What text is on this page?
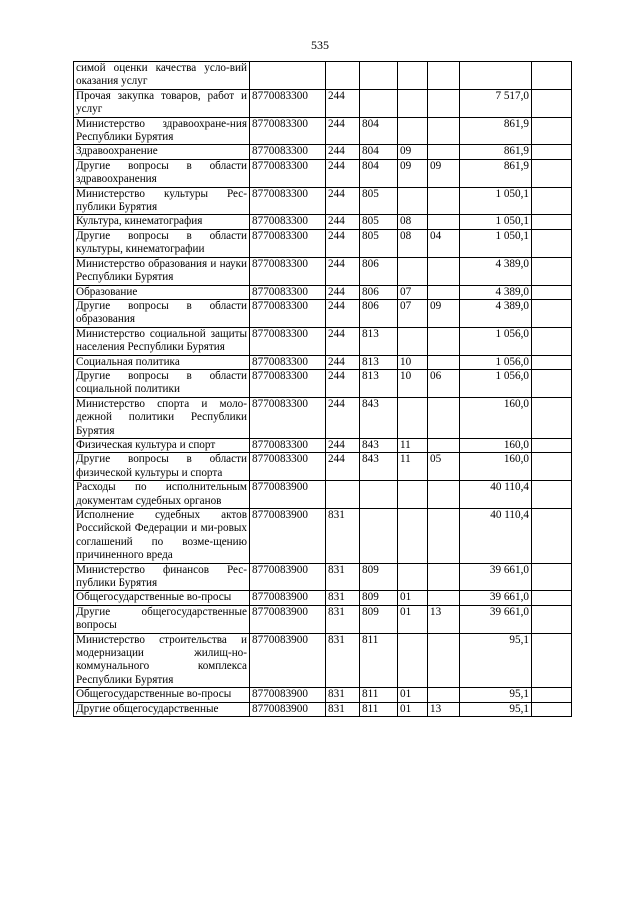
535
симой оценки качества усло-вий оказания услуг								
Прочая закупка товаров, работ и услуг	8770083300	244				7 517,0		
Министерство здравоохране-ния Республики Бурятия	8770083300	244	804			861,9		
Здравоохранение	8770083300	244	804	09		861,9		
Другие вопросы в области здравоохранения	8770083300	244	804	09	09	861,9		
Министерство культуры Рес-публики Бурятия	8770083300	244	805			1 050,1		
Культура, кинематография	8770083300	244	805	08		1 050,1		
Другие вопросы в области культуры, кинематографии	8770083300	244	805	08	04	1 050,1		
Министерство образования и науки Республики Бурятия	8770083300	244	806			4 389,0		
Образование	8770083300	244	806	07		4 389,0		
Другие вопросы в области образования	8770083300	244	806	07	09	4 389,0		
Министерство социальной защиты населения Республики Бурятия	8770083300	244	813			1 056,0		
Социальная политика	8770083300	244	813	10		1 056,0		
Другие вопросы в области социальной политики	8770083300	244	813	10	06	1 056,0		
Министерство спорта и моло-дежной политики Республики Бурятия	8770083300	244	843			160,0		
Физическая культура и спорт	8770083300	244	843	11		160,0		
Другие вопросы в области физической культуры и спорта	8770083300	244	843	11	05	160,0		
Расходы по исполнительным документам судебных органов	8770083900					40 110,4		
Исполнение судебных актов Российской Федерации и ми-ровых соглашений по возме-щению причиненного вреда	8770083900	831				40 110,4		
Министерство финансов Рес-публики Бурятия	8770083900	831	809			39 661,0		
Общегосударственные во-просы	8770083900	831	809	01		39 661,0		
Другие общегосударственные вопросы	8770083900	831	809	01	13	39 661,0		
Министерство строительства и модернизации жилищ-но-коммунального комплекса Республики Бурятия	8770083900	831	811			95,1		
Общегосударственные во-просы	8770083900	831	811	01		95,1		
Другие общегосударственные	8770083900	831	811	01	13	95,1		
